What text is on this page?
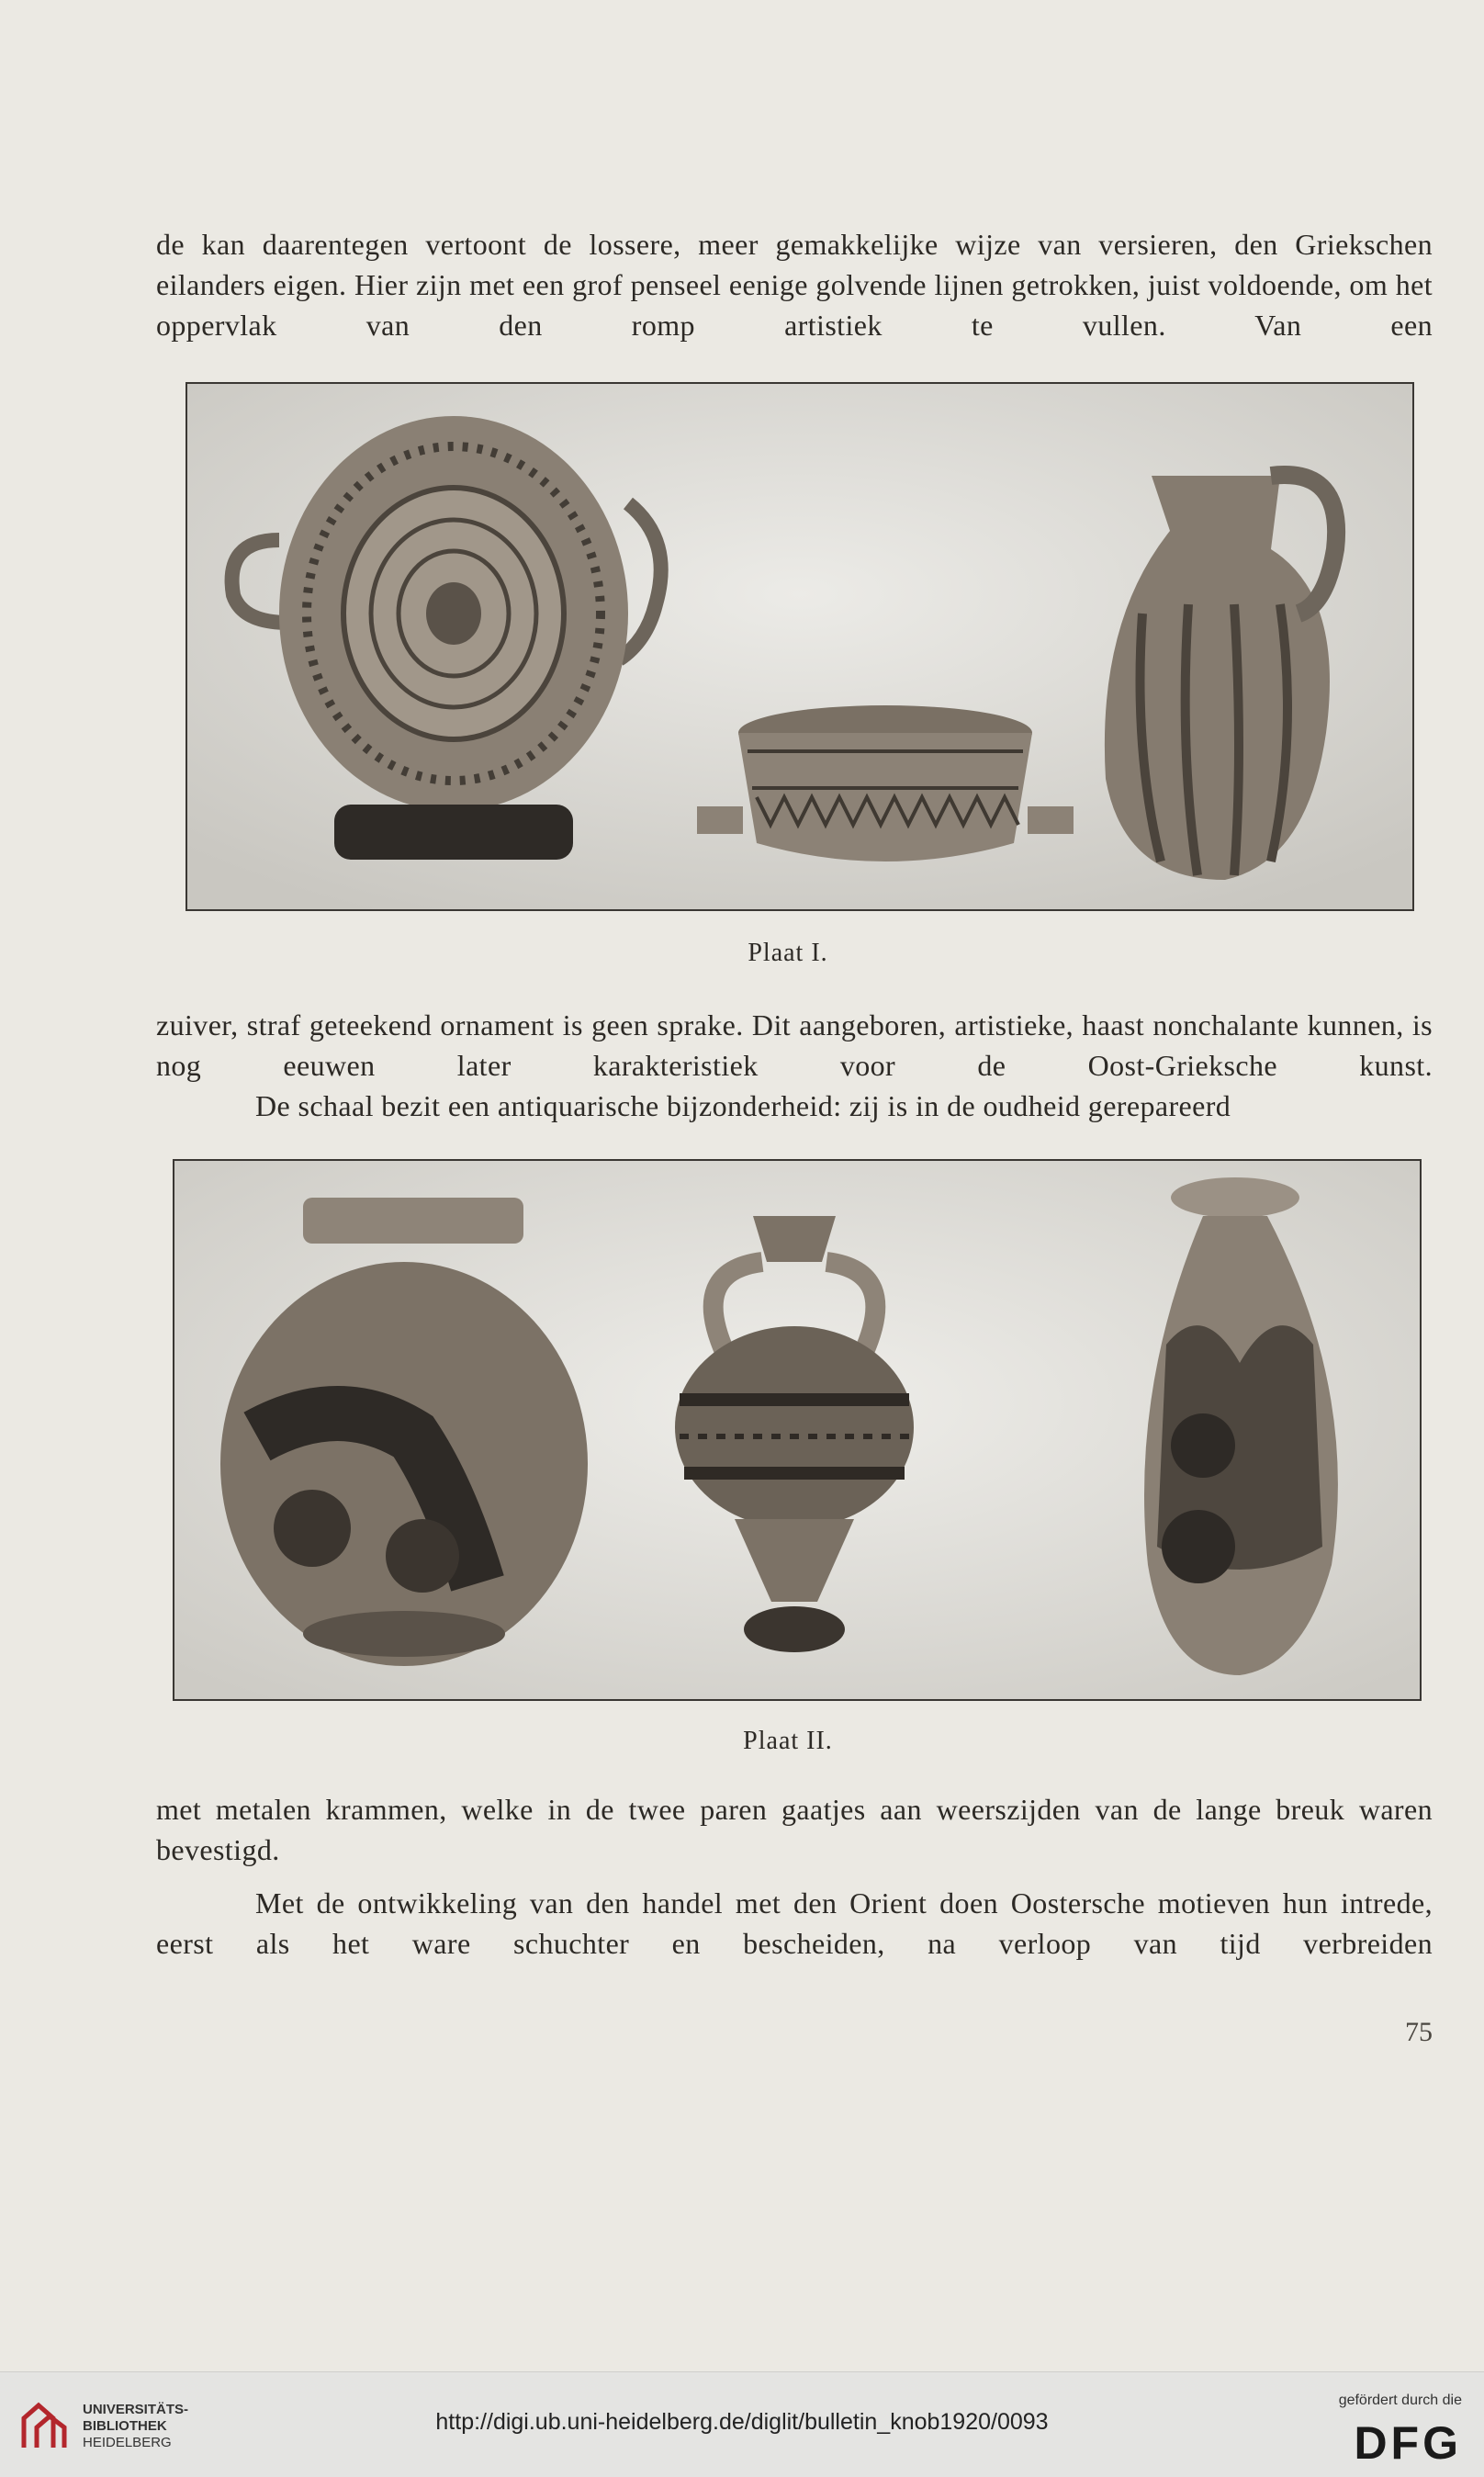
de kan daarentegen vertoont de lossere, meer gemakkelijke wijze van versieren, den Griekschen eilanders eigen. Hier zijn met een grof penseel eenige golvende lijnen getrokken, juist voldoende, om het oppervlak van den romp artistiek te vullen. Van een

Plaat I.

zuiver, straf geteekend ornament is geen sprake. Dit aangeboren, artistieke, haast nonchalante kunnen, is nog eeuwen later karakteristiek voor de Oost-Grieksche kunst.

De schaal bezit een antiquarische bijzonderheid: zij is in de oudheid gerepareerd

Plaat II.

met metalen krammen, welke in de twee paren gaatjes aan weerszijden van de lange breuk waren bevestigd.

Met de ontwikkeling van den handel met den Orient doen Oostersche motieven hun intrede, eerst als het ware schuchter en bescheiden, na verloop van tijd verbreiden

75
UNIVERSITÄTS-
BIBLIOTHEK
HEIDELBERG
http://digi.ub.uni-heidelberg.de/diglit/bulletin_knob1920/0093
gefördert durch die
DFG
